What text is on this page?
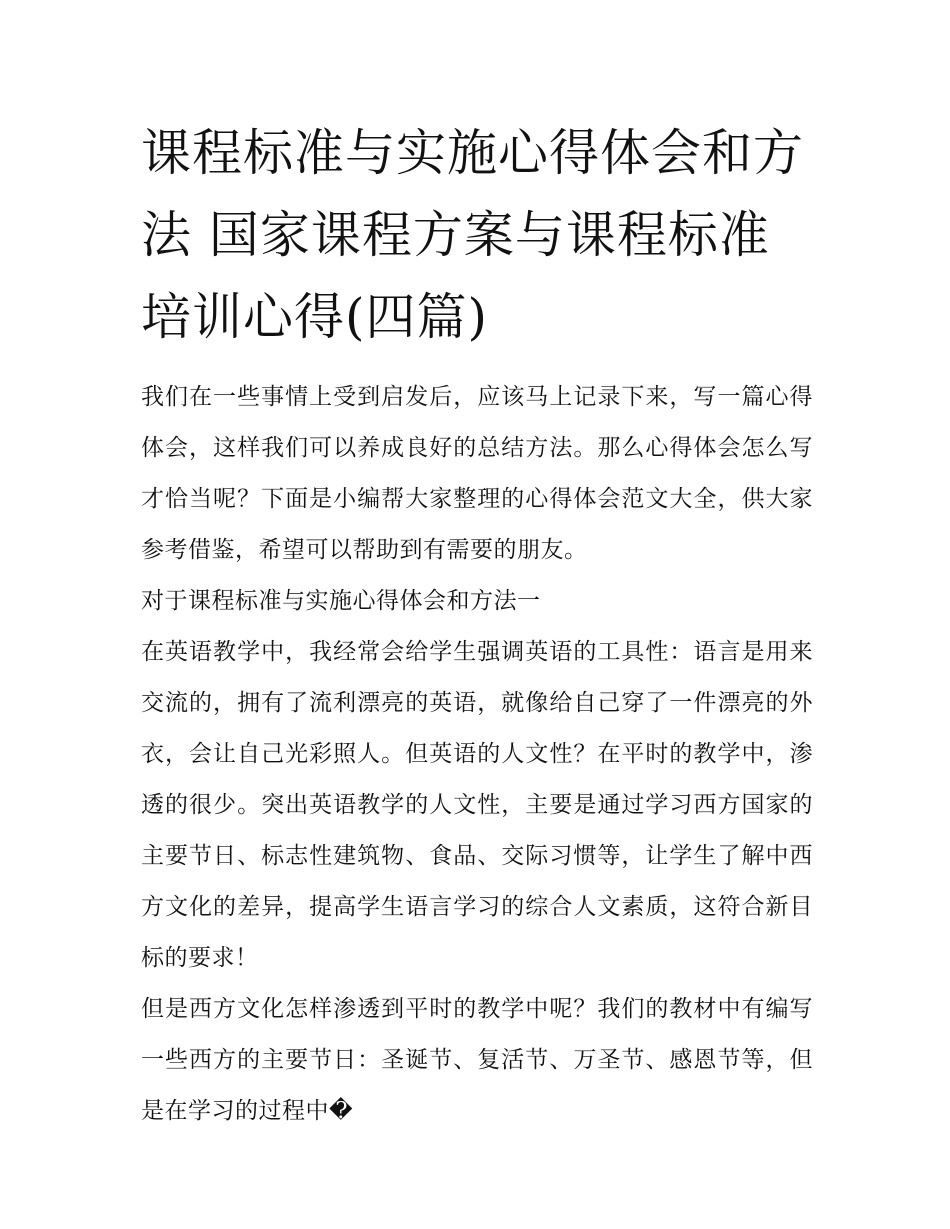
课程标准与实施心得体会和方法 国家课程方案与课程标准培训心得(四篇)

我们在一些事情上受到启发后，应该马上记录下来，写一篇心得体会，这样我们可以养成良好的总结方法。那么心得体会怎么写才恰当呢？下面是小编帮大家整理的心得体会范文大全，供大家参考借鉴，希望可以帮助到有需要的朋友。

对于课程标准与实施心得体会和方法一

在英语教学中，我经常会给学生强调英语的工具性：语言是用来交流的，拥有了流利漂亮的英语，就像给自己穿了一件漂亮的外衣，会让自己光彩照人。但英语的人文性？在平时的教学中，渗透的很少。突出英语教学的人文性，主要是通过学习西方国家的主要节日、标志性建筑物、食品、交际习惯等，让学生了解中西方文化的差异，提高学生语言学习的综合人文素质，这符合新目标的要求！

但是西方文化怎样渗透到平时的教学中呢？我们的教材中有编写一些西方的主要节日：圣诞节、复活节、万圣节、感恩节等，但是在学习的过程中�
